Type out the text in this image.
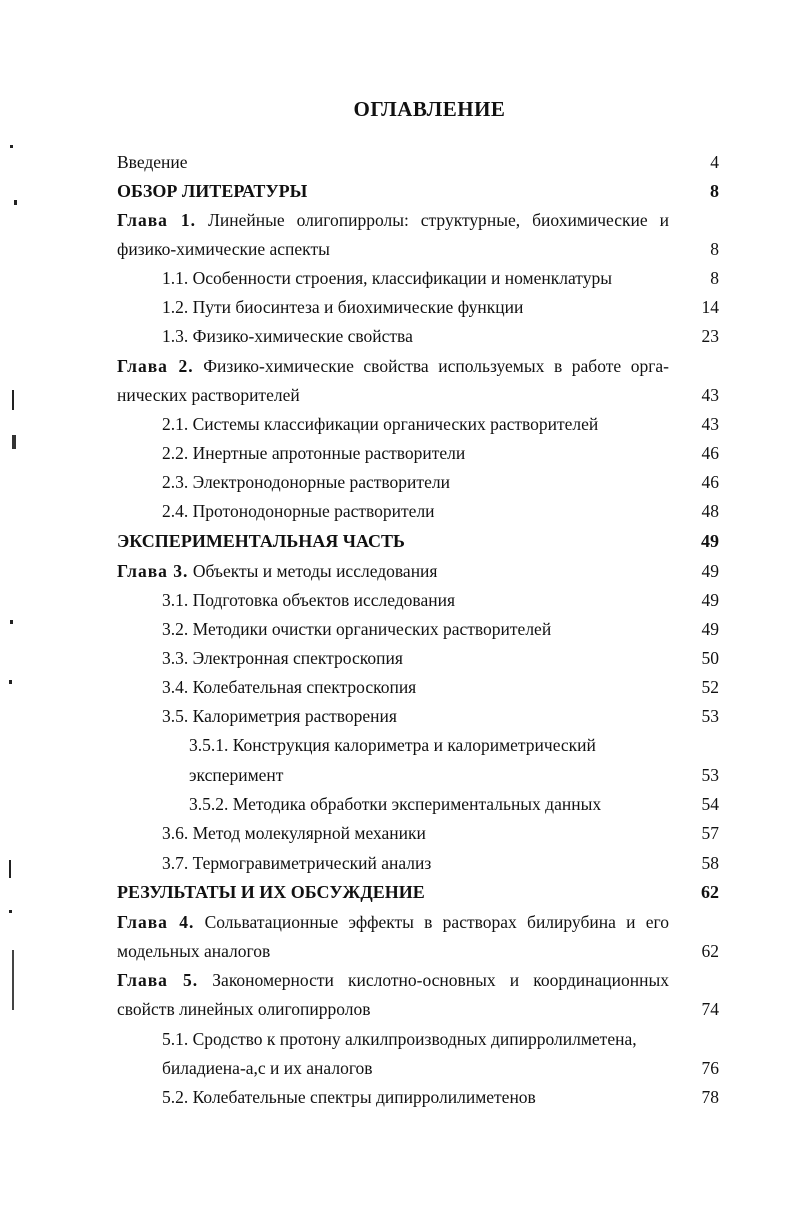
ОГЛАВЛЕНИЕ
Введение	4
ОБЗОР ЛИТЕРАТУРЫ	8
Глава 1. Линейные олигопирролы: структурные, биохимические и
физико-химические аспекты	8
1.1. Особенности строения, классификации и номенклатуры	8
1.2. Пути биосинтеза и биохимические функции	14
1.3. Физико-химические свойства	23
Глава 2. Физико-химические свойства используемых в работе орга-
нических растворителей	43
2.1. Системы классификации органических растворителей	43
2.2. Инертные апротонные растворители	46
2.3. Электронодонорные растворители	46
2.4. Протонодонорные растворители	48
ЭКСПЕРИМЕНТАЛЬНАЯ ЧАСТЬ	49
Глава 3. Объекты и методы исследования	49
3.1. Подготовка объектов исследования	49
3.2. Методики очистки органических растворителей	49
3.3. Электронная спектроскопия	50
3.4. Колебательная спектроскопия	52
3.5. Калориметрия растворения	53
3.5.1. Конструкция калориметра и калориметрический
эксперимент	53
3.5.2. Методика обработки экспериментальных данных	54
3.6. Метод молекулярной механики	57
3.7. Термогравиметрический анализ	58
РЕЗУЛЬТАТЫ И ИХ ОБСУЖДЕНИЕ	62
Глава 4. Сольватационные эффекты в растворах билирубина и его
модельных аналогов	62
Глава 5. Закономерности кислотно-основных и координационных
свойств линейных олигопирролов	74
5.1. Сродство к протону алкилпроизводных дипирролилметена,
биладиена-a,c и их аналогов	76
5.2. Колебательные спектры дипирролилиметенов	78
